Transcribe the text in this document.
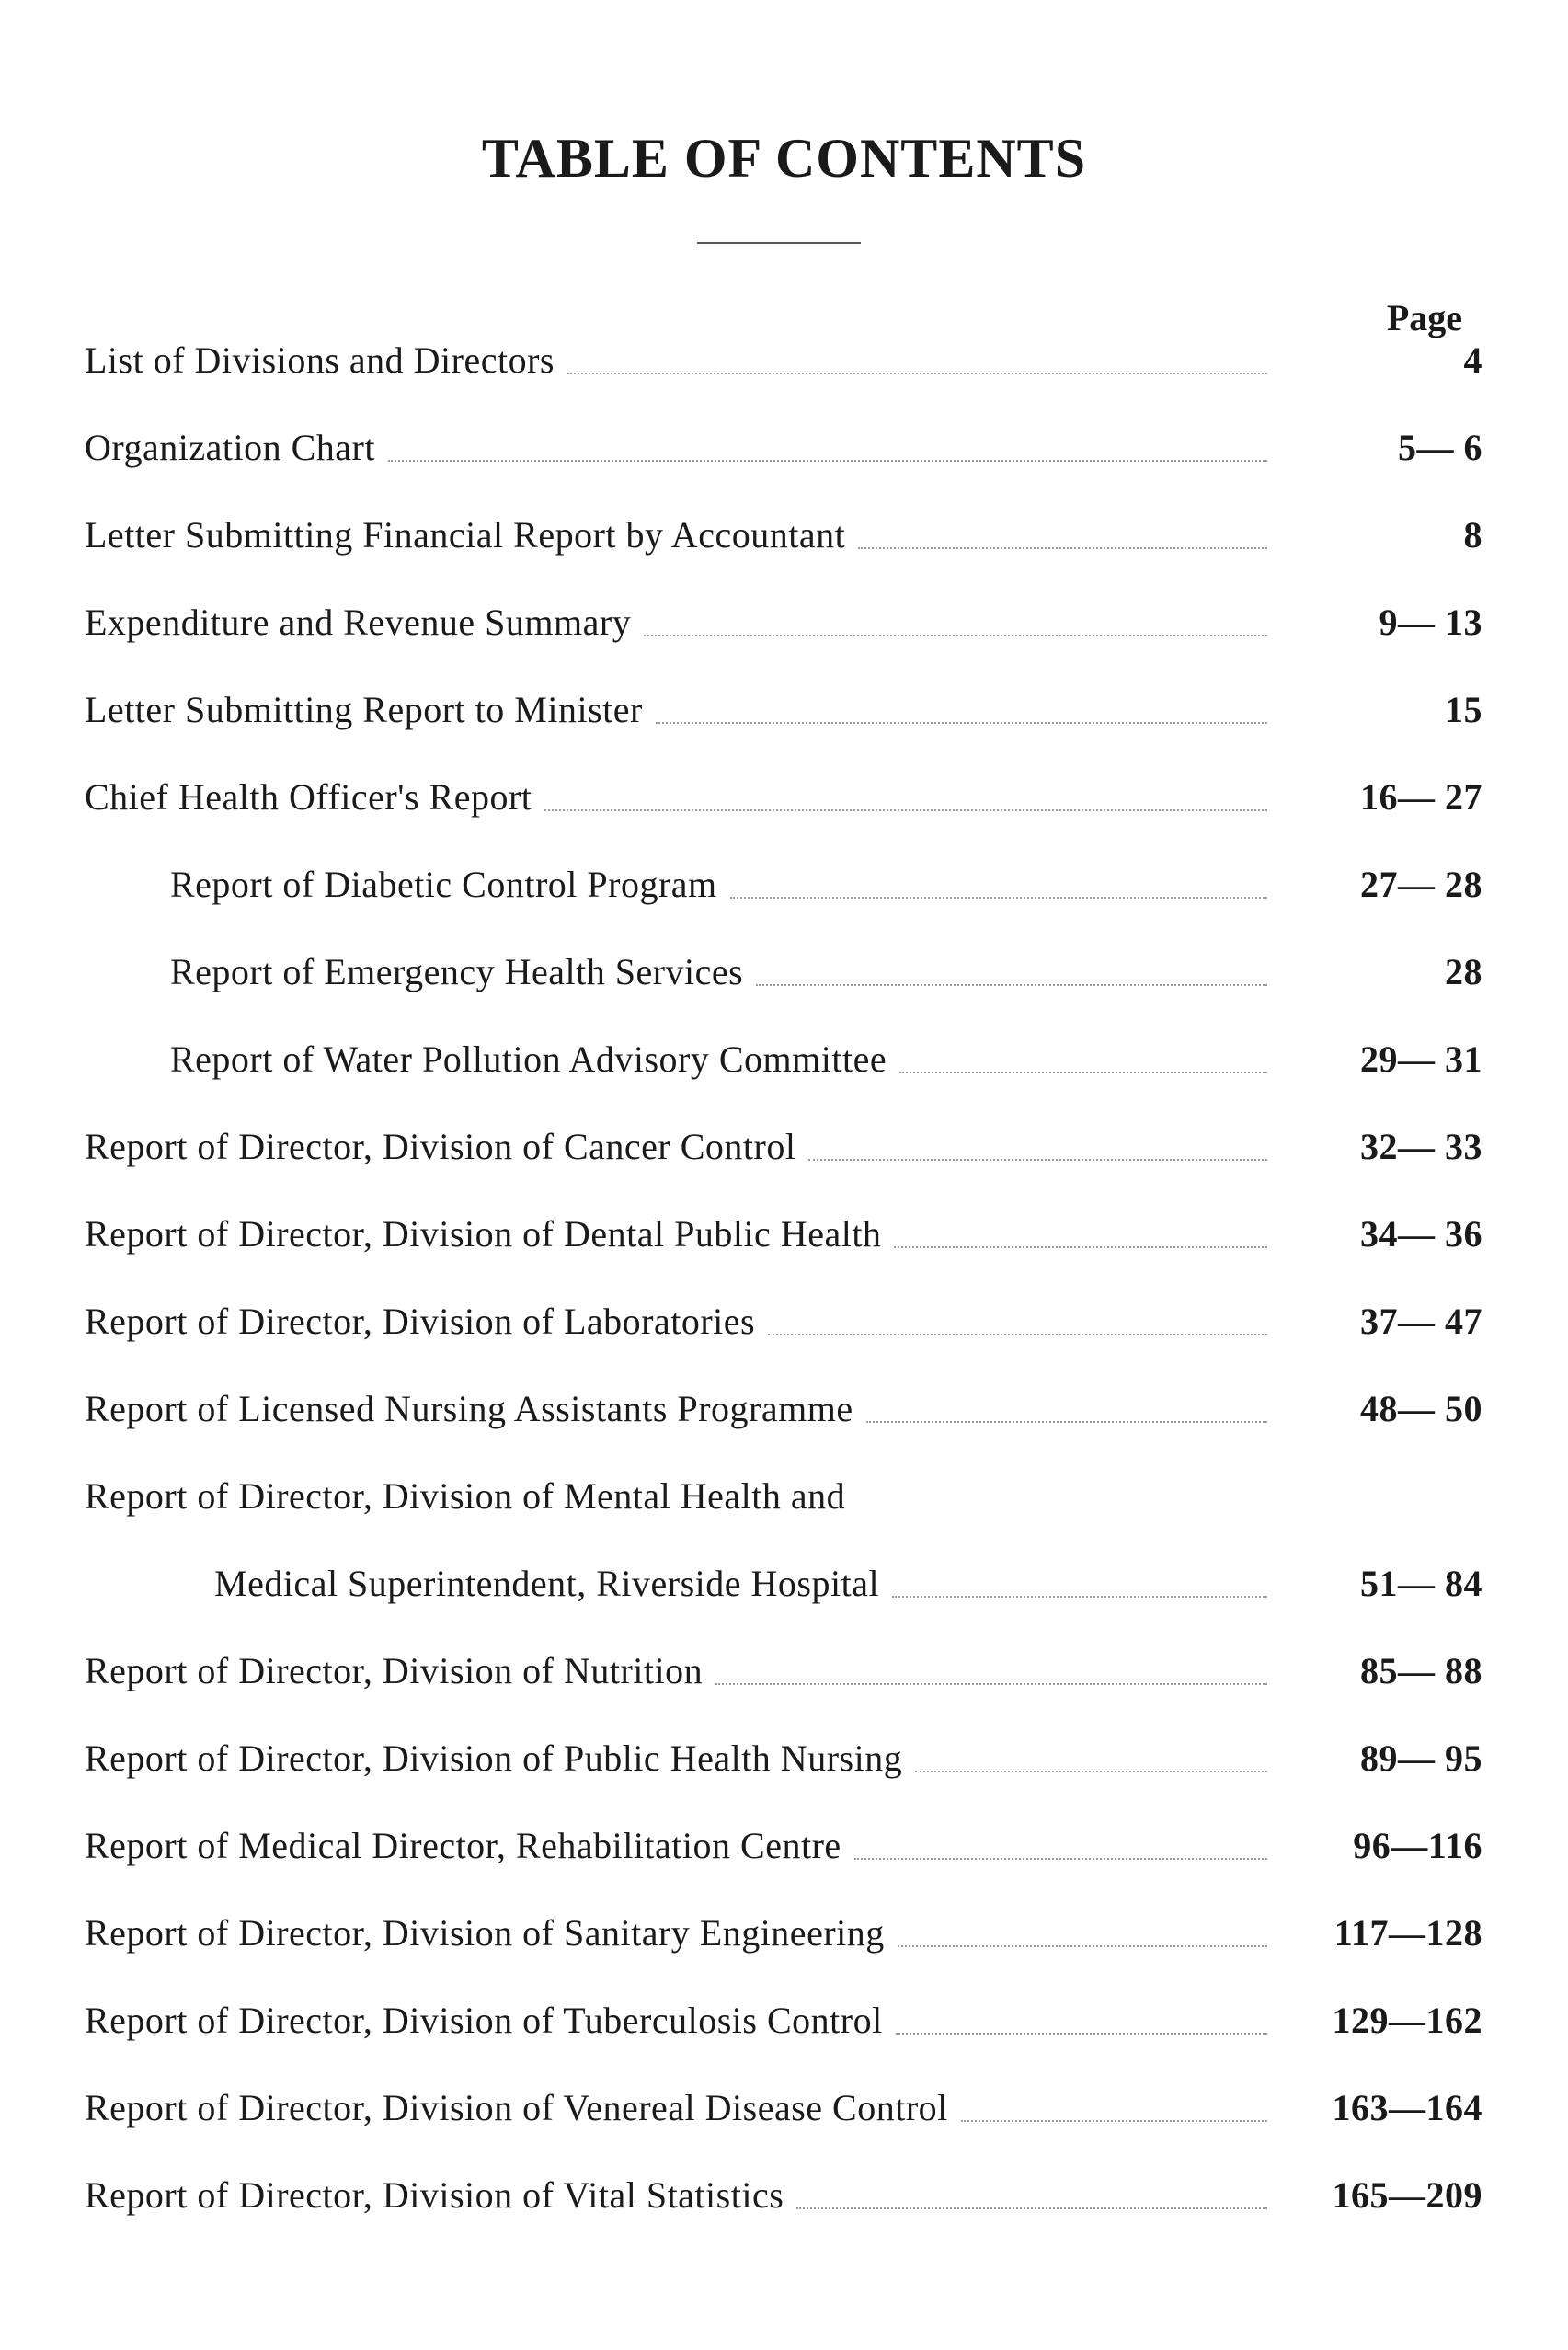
TABLE OF CONTENTS
Page
List of Divisions and Directors	4
Organization Chart	5— 6
Letter Submitting Financial Report by Accountant	8
Expenditure and Revenue Summary	9— 13
Letter Submitting Report to Minister	15
Chief Health Officer's Report	16— 27
Report of Diabetic Control Program	27— 28
Report of Emergency Health Services	28
Report of Water Pollution Advisory Committee	29— 31
Report of Director, Division of Cancer Control	32— 33
Report of Director, Division of Dental Public Health	34— 36
Report of Director, Division of Laboratories	37— 47
Report of Licensed Nursing Assistants Programme	48— 50
Report of Director, Division of Mental Health and
Medical Superintendent, Riverside Hospital	51— 84
Report of Director, Division of Nutrition	85— 88
Report of Director, Division of Public Health Nursing	89— 95
Report of Medical Director, Rehabilitation Centre	96—116
Report of Director, Division of Sanitary Engineering	117—128
Report of Director, Division of Tuberculosis Control	129—162
Report of Director, Division of Venereal Disease Control	163—164
Report of Director, Division of Vital Statistics	165—209
